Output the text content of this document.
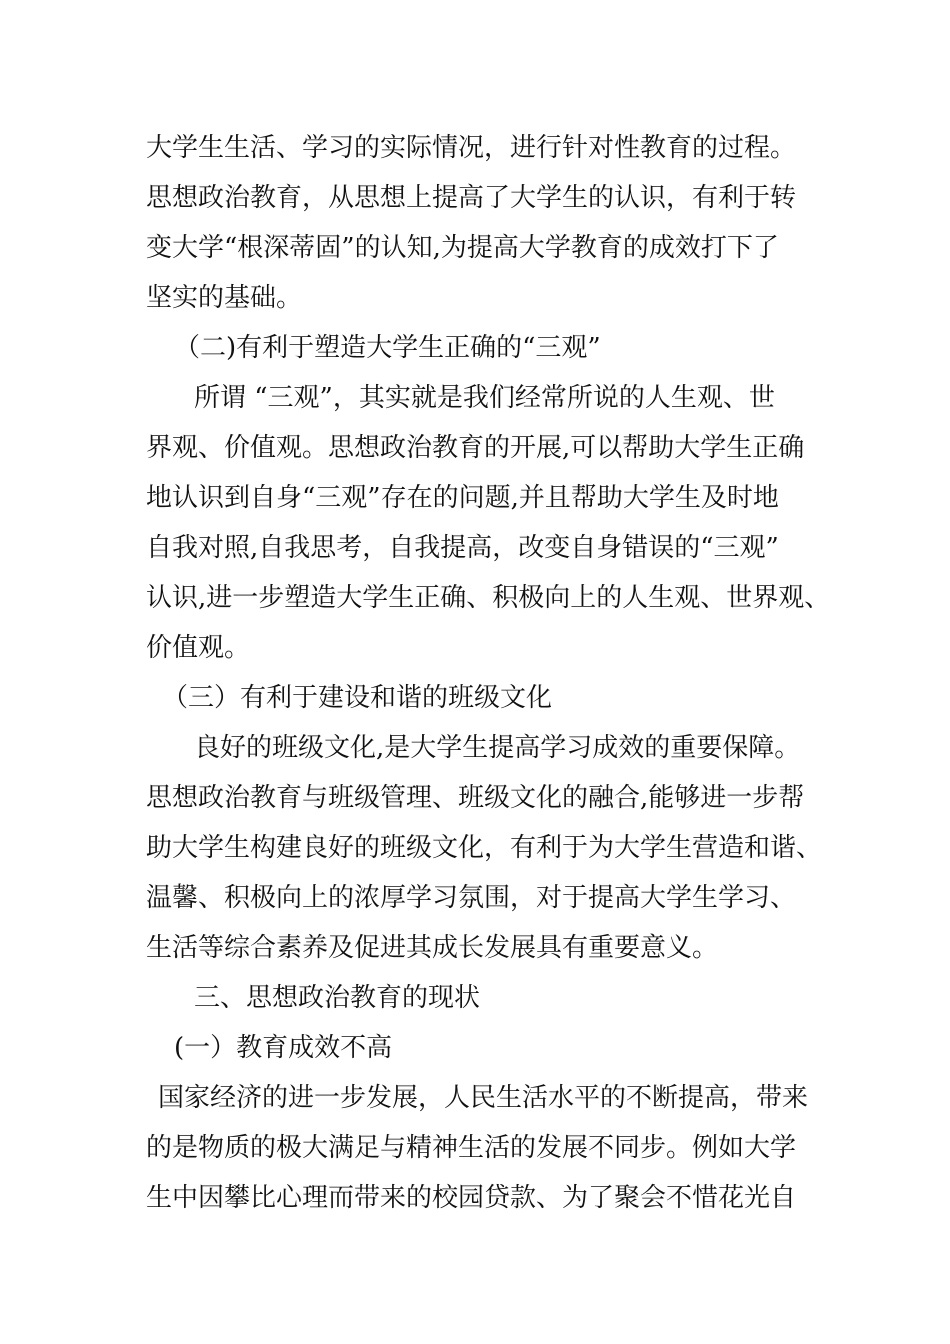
大学生生活、学习的实际情况，进行针对性教育的过程。
思想政治教育，从思想上提高了大学生的认识，有利于转
变大学“根深蒂固”的认知,为提高大学教育的成效打下了
坚实的基础。
（二)有利于塑造大学生正确的“三观”
所谓 “三观”，其实就是我们经常所说的人生观、世
界观、价值观。思想政治教育的开展,可以帮助大学生正确
地认识到自身“三观”存在的问题,并且帮助大学生及时地
自我对照,自我思考，自我提高，改变自身错误的“三观”
认识,进一步塑造大学生正确、积极向上的人生观、世界观、
价值观。
（三）有利于建设和谐的班级文化
良好的班级文化,是大学生提高学习成效的重要保障。
思想政治教育与班级管理、班级文化的融合,能够进一步帮
助大学生构建良好的班级文化，有利于为大学生营造和谐、
温馨、积极向上的浓厚学习氛围，对于提高大学生学习、
生活等综合素养及促进其成长发展具有重要意义。
三、思想政治教育的现状
(一）教育成效不高
国家经济的进一步发展，人民生活水平的不断提高，带来
的是物质的极大满足与精神生活的发展不同步。例如大学
生中因攀比心理而带来的校园贷款、为了聚会不惜花光自
